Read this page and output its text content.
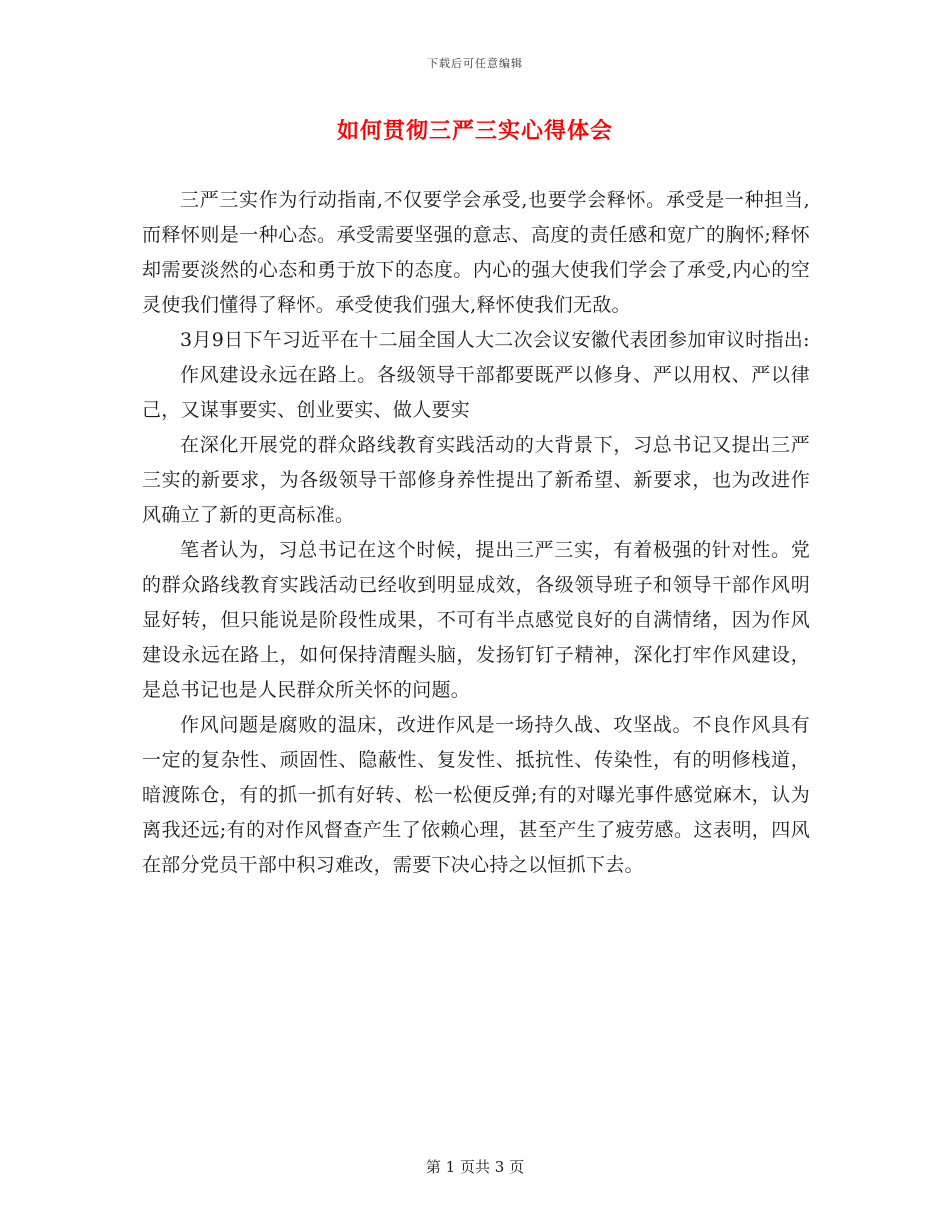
下载后可任意编辑
如何贯彻三严三实心得体会

三严三实作为行动指南,不仅要学会承受,也要学会释怀。承受是一种担当,而释怀则是一种心态。承受需要坚强的意志、高度的责任感和宽广的胸怀;释怀却需要淡然的心态和勇于放下的态度。内心的强大使我们学会了承受,内心的空灵使我们懂得了释怀。承受使我们强大,释怀使我们无敌。

3月9日下午习近平在十二届全国人大二次会议安徽代表团参加审议时指出:

作风建设永远在路上。各级领导干部都要既严以修身、严以用权、严以律己，又谋事要实、创业要实、做人要实

在深化开展党的群众路线教育实践活动的大背景下，习总书记又提出三严三实的新要求，为各级领导干部修身养性提出了新希望、新要求，也为改进作风确立了新的更高标准。

笔者认为，习总书记在这个时候，提出三严三实，有着极强的针对性。党的群众路线教育实践活动已经收到明显成效，各级领导班子和领导干部作风明显好转，但只能说是阶段性成果，不可有半点感觉良好的自满情绪，因为作风建设永远在路上，如何保持清醒头脑，发扬钉钉子精神，深化打牢作风建设，是总书记也是人民群众所关怀的问题。

作风问题是腐败的温床，改进作风是一场持久战、攻坚战。不良作风具有一定的复杂性、顽固性、隐蔽性、复发性、抵抗性、传染性，有的明修栈道，暗渡陈仓，有的抓一抓有好转、松一松便反弹;有的对曝光事件感觉麻木，认为离我还远;有的对作风督查产生了依赖心理，甚至产生了疲劳感。这表明，四风在部分党员干部中积习难改，需要下决心持之以恒抓下去。

第 1 页共 3 页
